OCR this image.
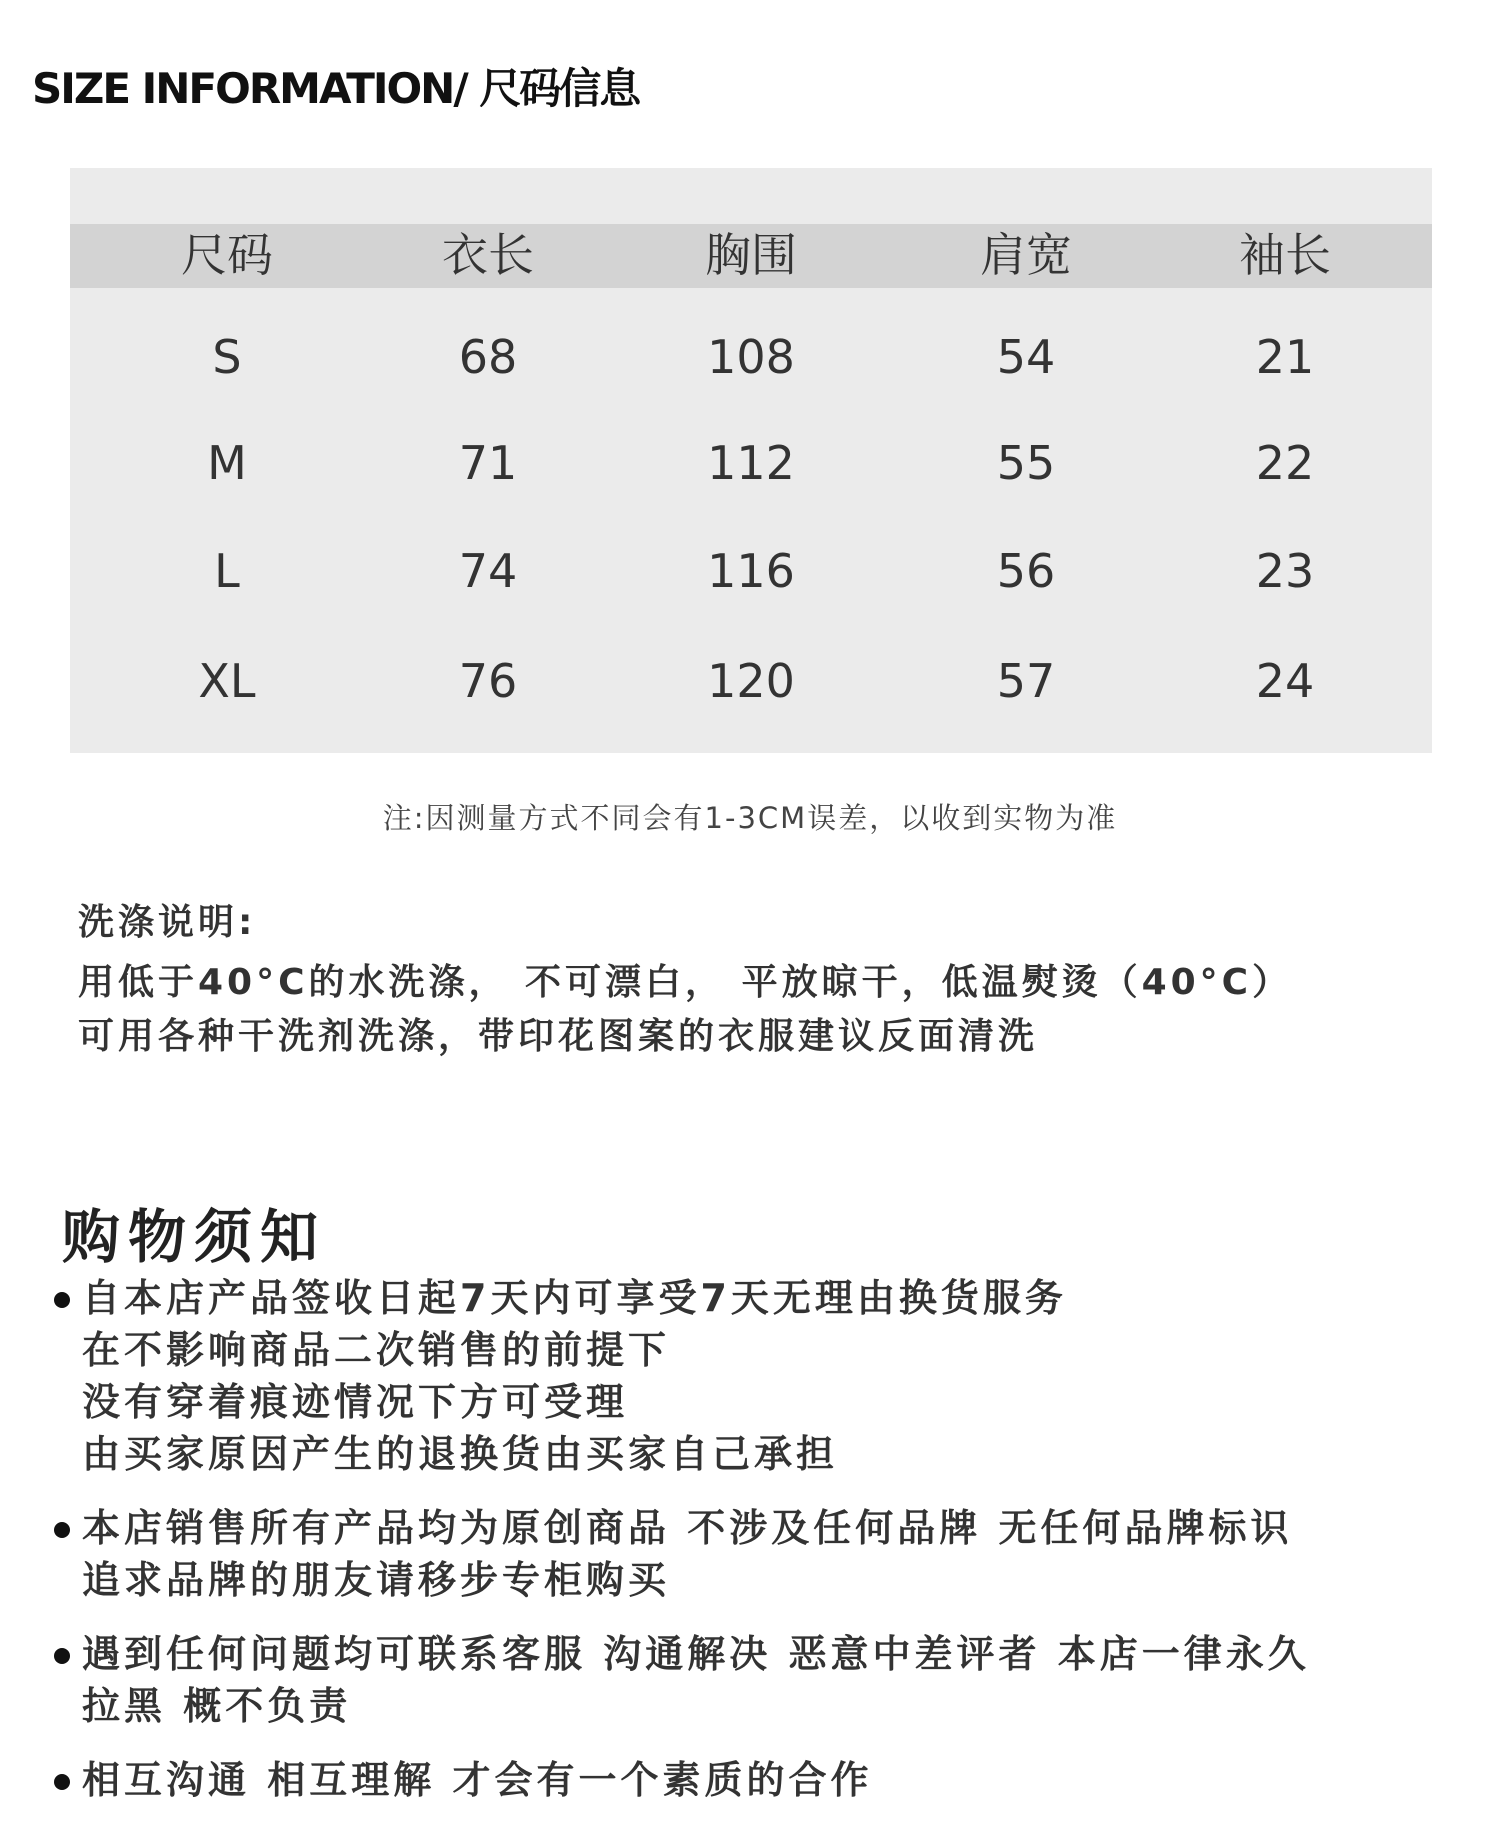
SIZE INFORMATION/ 尺码信息
尺码	衣长	胸围	肩宽	袖长
S	68	108	54	21
M	71	112	55	22
L	74	116	56	23
XL	76	120	57	24
注:因测量方式不同会有1-3CM误差，以收到实物为准
洗涤说明:
用低于40°C的水洗涤， 不可漂白， 平放晾干，低温熨烫（40°C）
可用各种干洗剂洗涤，带印花图案的衣服建议反面清洗
购物须知
自本店产品签收日起7天内可享受7天无理由换货服务
在不影响商品二次销售的前提下
没有穿着痕迹情况下方可受理
由买家原因产生的退换货由买家自己承担
本店销售所有产品均为原创商品 不涉及任何品牌 无任何品牌标识
追求品牌的朋友请移步专柜购买
遇到任何问题均可联系客服 沟通解决 恶意中差评者 本店一律永久
拉黑 概不负责
相互沟通 相互理解 才会有一个素质的合作
